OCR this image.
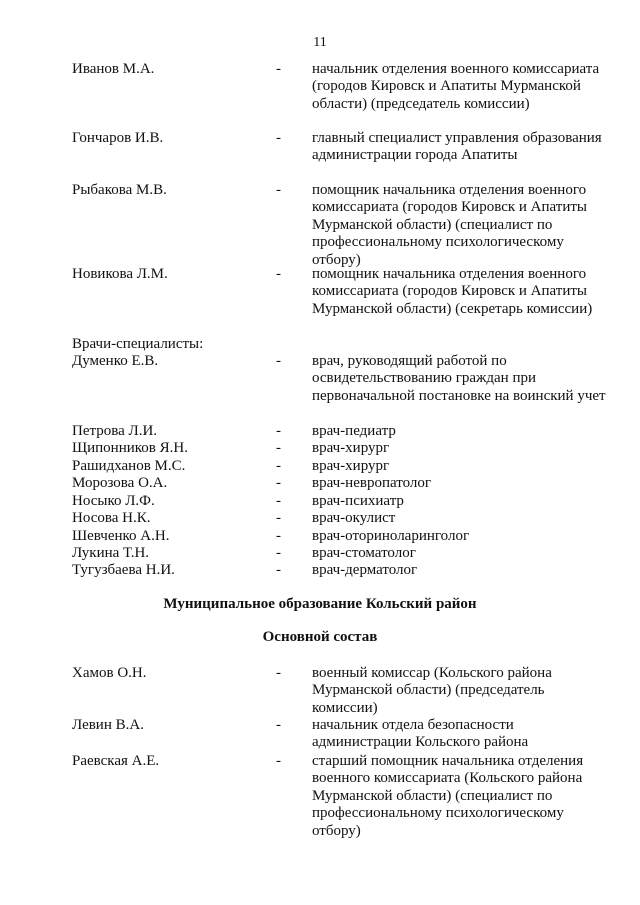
11
Иванов М.А.	- начальник отделения военного комиссариата (городов Кировск и Апатиты Мурманской области) (председатель комиссии)
Гончаров И.В.	- главный специалист управления образования администрации города Апатиты
Рыбакова М.В.	- помощник начальника отделения военного комиссариата (городов Кировск и Апатиты Мурманской области) (специалист по профессиональному психологическому отбору)
Новикова Л.М.	- помощник начальника отделения военного комиссариата (городов Кировск и Апатиты Мурманской области) (секретарь комиссии)
Врачи-специалисты:
Думенко Е.В.	- врач, руководящий работой по освидетельствованию граждан при первоначальной постановке на воинский учет
Петрова Л.И.	- врач-педиатр
Щипонников Я.Н.	- врач-хирург
Рашидханов М.С.	- врач-хирург
Морозова О.А.	- врач-невропатолог
Носыко Л.Ф.	- врач-психиатр
Носова Н.К.	- врач-окулист
Шевченко А.Н.	- врач-оториноларинголог
Лукина Т.Н.	- врач-стоматолог
Тугузбаева Н.И.	- врач-дерматолог
Муниципальное образование Кольский район
Основной состав
Хамов О.Н.	- военный комиссар (Кольского района Мурманской области) (председатель комиссии)
Левин В.А.	- начальник отдела безопасности администрации Кольского района
Раевская А.Е.	- старший помощник начальника отделения военного комиссариата (Кольского района Мурманской области) (специалист по профессиональному психологическому отбору)
